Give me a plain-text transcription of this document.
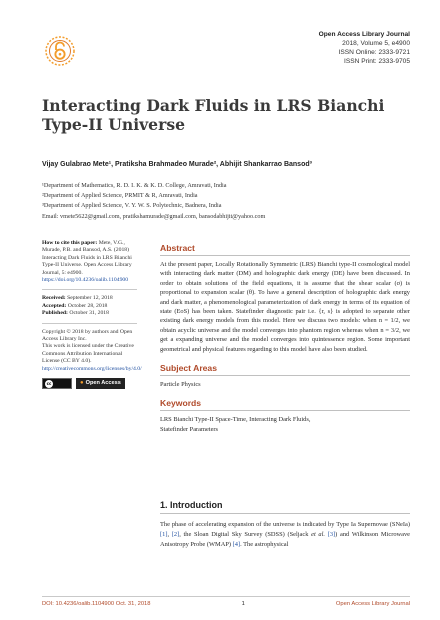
Open Access Library Journal
2018, Volume 5, e4900
ISSN Online: 2333-9721
ISSN Print: 2333-9705
Interacting Dark Fluids in LRS Bianchi Type-II Universe
Vijay Gulabrao Mete¹, Pratiksha Brahmadeo Murade², Abhijit Shankarrao Bansod³
¹Department of Mathematics, R. D. I. K. & K. D. College, Amravati, India
²Department of Applied Science, PRMIT & R, Amravati, India
³Department of Applied Science, V. Y. W. S. Polytechnic, Badnera, India
Email: vmete5622@gmail.com, pratikshamurade@gmail.com, bansodabhijit@yahoo.com
How to cite this paper: Mete, V.G., Murade, P.B. and Bansod, A.S. (2018) Interacting Dark Fluids in LRS Bianchi Type-II Universe. Open Access Library Journal, 5: e4900. https://doi.org/10.4236/oalib.1104900
Received: September 12, 2018
Accepted: October 28, 2018
Published: October 31, 2018
Copyright © 2018 by authors and Open Access Library Inc.
This work is licensed under the Creative Commons Attribution International License (CC BY 4.0).
http://creativecommons.org/licenses/by/4.0/
cc	● Open Access
Abstract
At the present paper, Locally Rotationally Symmetric (LRS) Bianchi type-II cosmological model with interacting dark matter (DM) and holographic dark energy (DE) have been discussed. In order to obtain solutions of the field equations, it is assume that the shear scalar (σ) is proportional to expansion scalar (θ). To have a general description of holographic dark energy and dark matter, a phenomenological parameterization of dark energy in terms of its equation of state (EoS) has been taken. Statefinder diagnostic pair i.e. {r, s} is adopted to separate other existing dark energy models from this model. Here we discuss two models: when n = 1/2, we obtain acyclic universe and the model converges into phantom region whereas when n = 3/2, we get a expanding universe and the model converges into quintessence region. Some important geometrical and physical features regarding to this model have also been studied.
Subject Areas
Particle Physics
Keywords
LRS Bianchi Type-II Space-Time, Interacting Dark Fluids,
Statefinder Parameters
1. Introduction
The phase of accelerating expansion of the universe is indicated by Type Ia Supernovae (SNeIa) [1], [2], the Sloan Digital Sky Survey (SDSS) (Seljack et al. [3]) and Wilkinson Microwave Anisotropy Probe (WMAP) [4]. The astrophysical
DOI: 10.4236/oalib.1104900 Oct. 31, 2018	1	Open Access Library Journal
